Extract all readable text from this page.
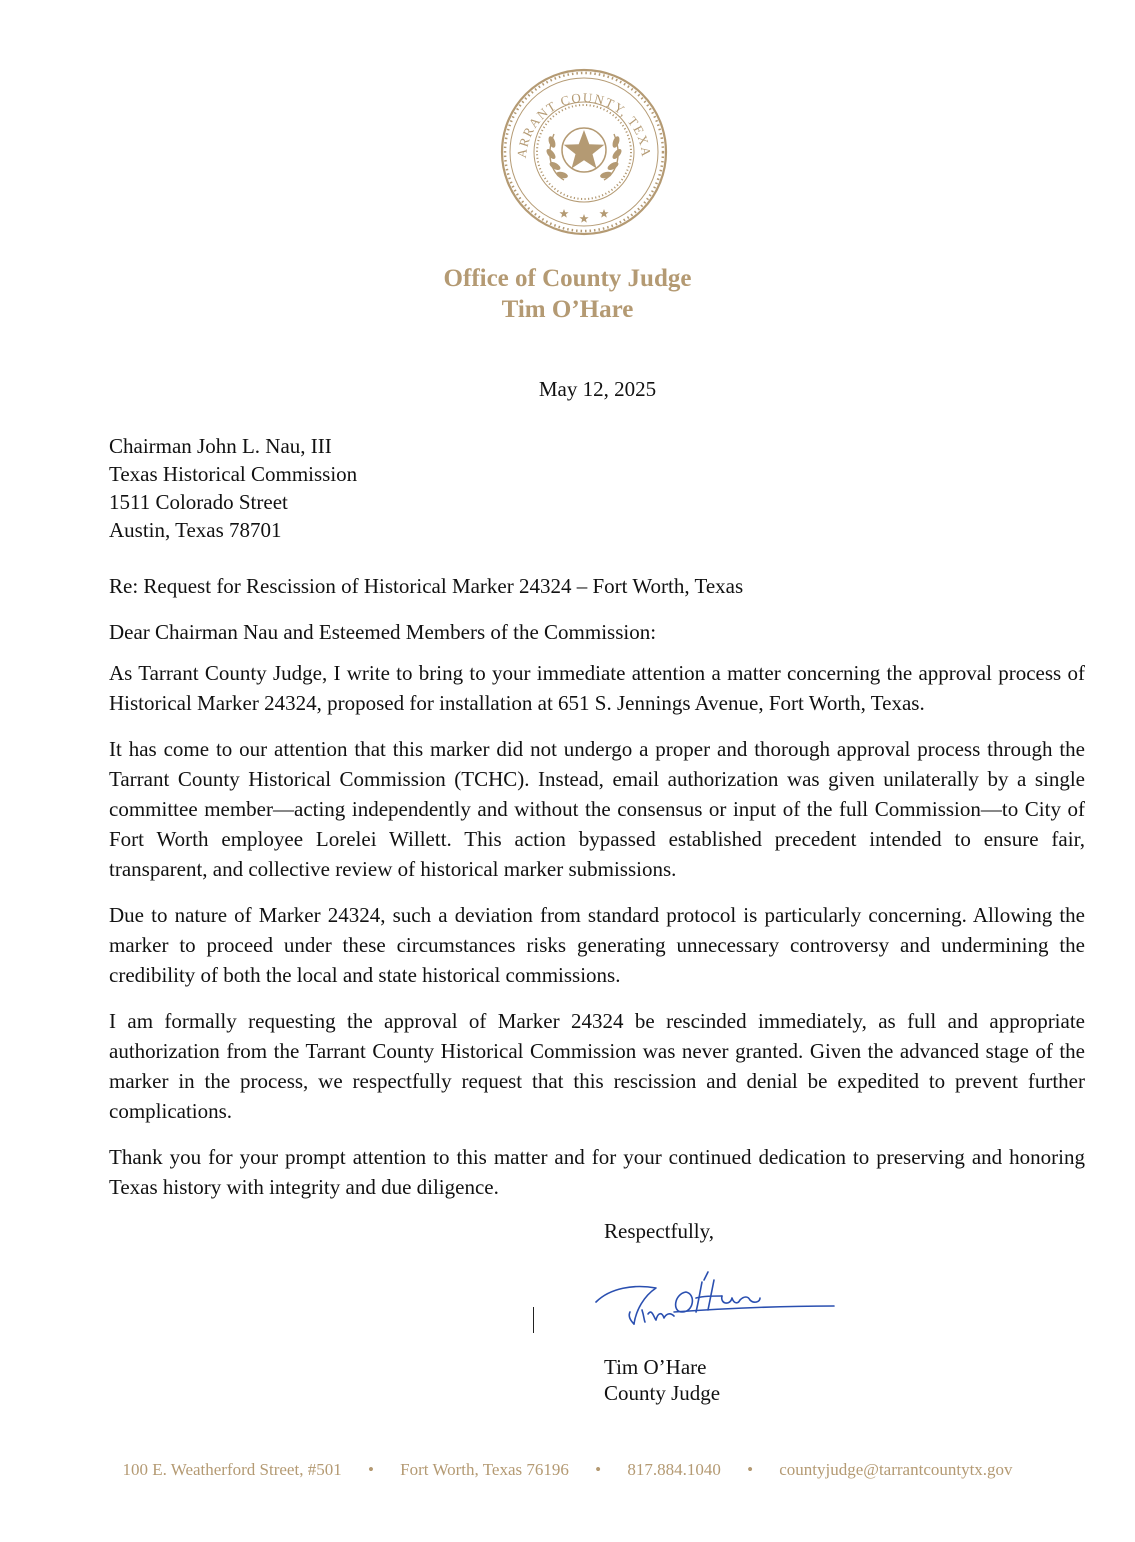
ARRANT COUNTY, TEXA
Office of County Judge
Tim O’Hare
May 12, 2025
Chairman John L. Nau, III
Texas Historical Commission
1511 Colorado Street
Austin, Texas 78701

Re: Request for Rescission of Historical Marker 24324 – Fort Worth, Texas

Dear Chairman Nau and Esteemed Members of the Commission:

As Tarrant County Judge, I write to bring to your immediate attention a matter concerning the approval process of Historical Marker 24324, proposed for installation at 651 S. Jennings Avenue, Fort Worth, Texas.

It has come to our attention that this marker did not undergo a proper and thorough approval process through the Tarrant County Historical Commission (TCHC). Instead, email authorization was given unilaterally by a single committee member—acting independently and without the consensus or input of the full Commission—to City of Fort Worth employee Lorelei Willett. This action bypassed established precedent intended to ensure fair, transparent, and collective review of historical marker submissions.

Due to nature of Marker 24324, such a deviation from standard protocol is particularly concerning. Allowing the marker to proceed under these circumstances risks generating unnecessary controversy and undermining the credibility of both the local and state historical commissions.

I am formally requesting the approval of Marker 24324 be rescinded immediately, as full and appropriate authorization from the Tarrant County Historical Commission was never granted. Given the advanced stage of the marker in the process, we respectfully request that this rescission and denial be expedited to prevent further complications.

Thank you for your prompt attention to this matter and for your continued dedication to preserving and honoring Texas history with integrity and due diligence.

Respectfully,
Tim O’Hare
County Judge
100 E. Weatherford Street, #501 • Fort Worth, Texas 76196 • 817.884.1040 • countyjudge@tarrantcountytx.gov
